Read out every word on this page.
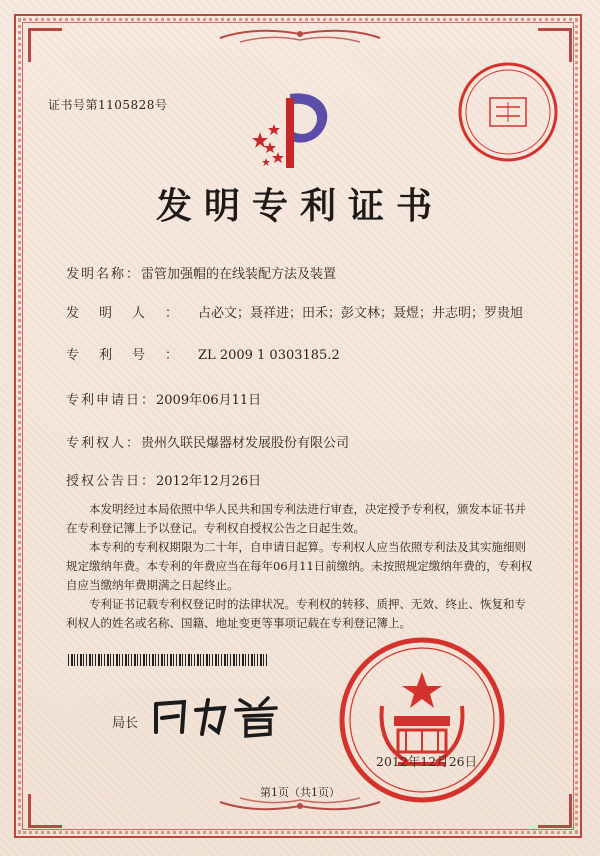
证书号第1105828号
发明专利证书
发明名称：雷管加强帽的在线装配方法及装置
发明人：占必文；聂祥进；田禾；彭文林；聂煜；井志明；罗贵旭
专利号：ZL 2009 1 0303185.2
专利申请日：2009年06月11日
专利权人：贵州久联民爆器材发展股份有限公司
授权公告日：2012年12月26日

本发明经过本局依照中华人民共和国专利法进行审查，决定授予专利权，颁发本证书并在专利登记簿上予以登记。专利权自授权公告之日起生效。

本专利的专利权期限为二十年，自申请日起算。专利权人应当依照专利法及其实施细则规定缴纳年费。本专利的年费应当在每年06月11日前缴纳。未按照规定缴纳年费的，专利权自应当缴纳年费期满之日起终止。

专利证书记载专利权登记时的法律状况。专利权的转移、质押、无效、终止、恢复和专利权人的姓名或名称、国籍、地址变更等事项记载在专利登记簿上。

局长
2012年12月26日
第1页（共1页）
